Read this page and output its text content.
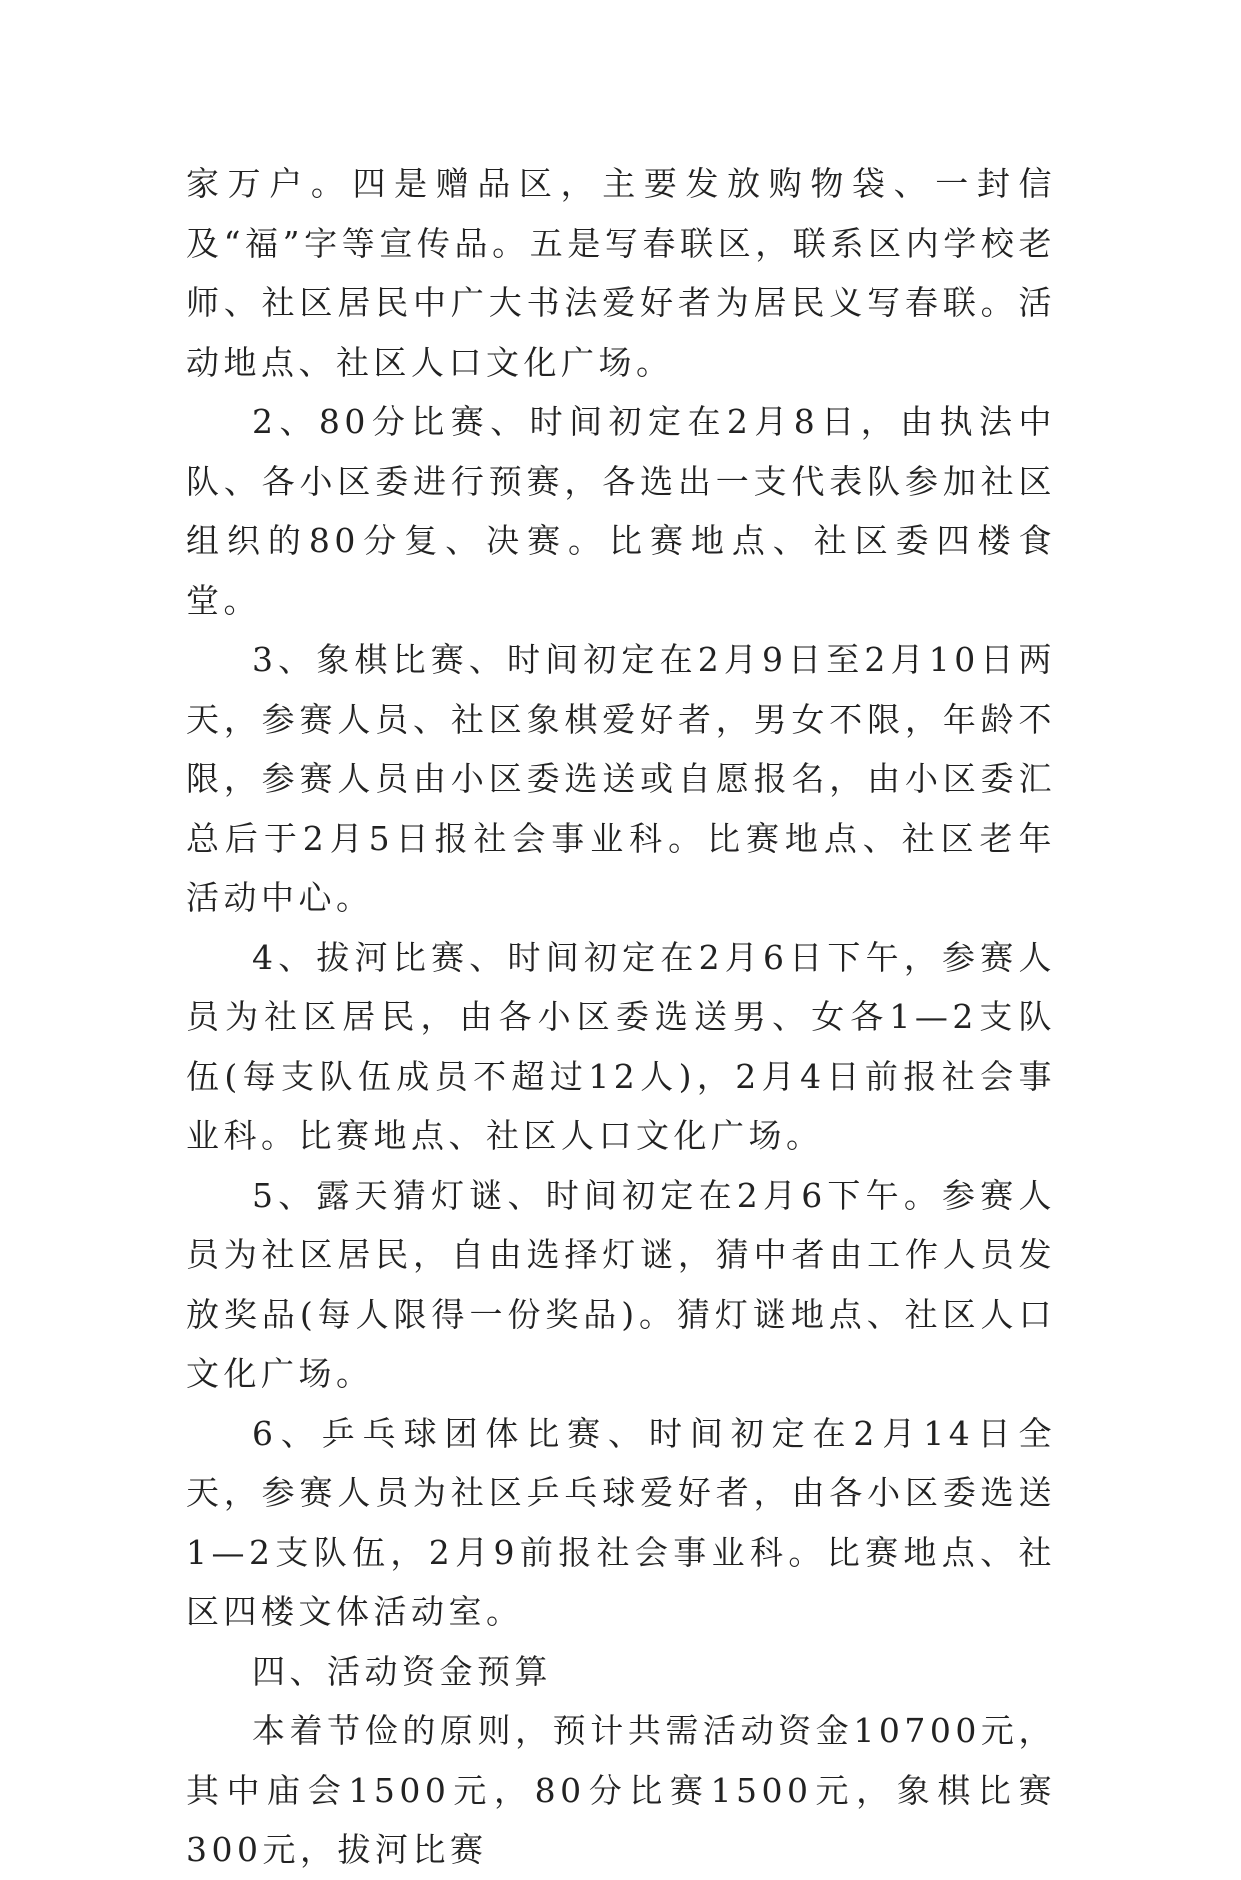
家万户。四是赠品区，主要发放购物袋、一封信及“福”字等宣传品。五是写春联区，联系区内学校老师、社区居民中广大书法爱好者为居民义写春联。活动地点、社区人口文化广场。

2、80分比赛、时间初定在2月8日，由执法中队、各小区委进行预赛，各选出一支代表队参加社区组织的80分复、决赛。比赛地点、社区委四楼食堂。

3、象棋比赛、时间初定在2月9日至2月10日两天，参赛人员、社区象棋爱好者，男女不限，年龄不限，参赛人员由小区委选送或自愿报名，由小区委汇总后于2月5日报社会事业科。比赛地点、社区老年活动中心。

4、拔河比赛、时间初定在2月6日下午，参赛人员为社区居民，由各小区委选送男、女各1—2支队伍(每支队伍成员不超过12人)，2月4日前报社会事业科。比赛地点、社区人口文化广场。

5、露天猜灯谜、时间初定在2月6下午。参赛人员为社区居民，自由选择灯谜，猜中者由工作人员发放奖品(每人限得一份奖品)。猜灯谜地点、社区人口文化广场。

6、乒乓球团体比赛、时间初定在2月14日全天，参赛人员为社区乒乓球爱好者，由各小区委选送1—2支队伍，2月9前报社会事业科。比赛地点、社区四楼文体活动室。

四、活动资金预算

本着节俭的原则，预计共需活动资金10700元，其中庙会1500元，80分比赛1500元，象棋比赛300元，拔河比赛
